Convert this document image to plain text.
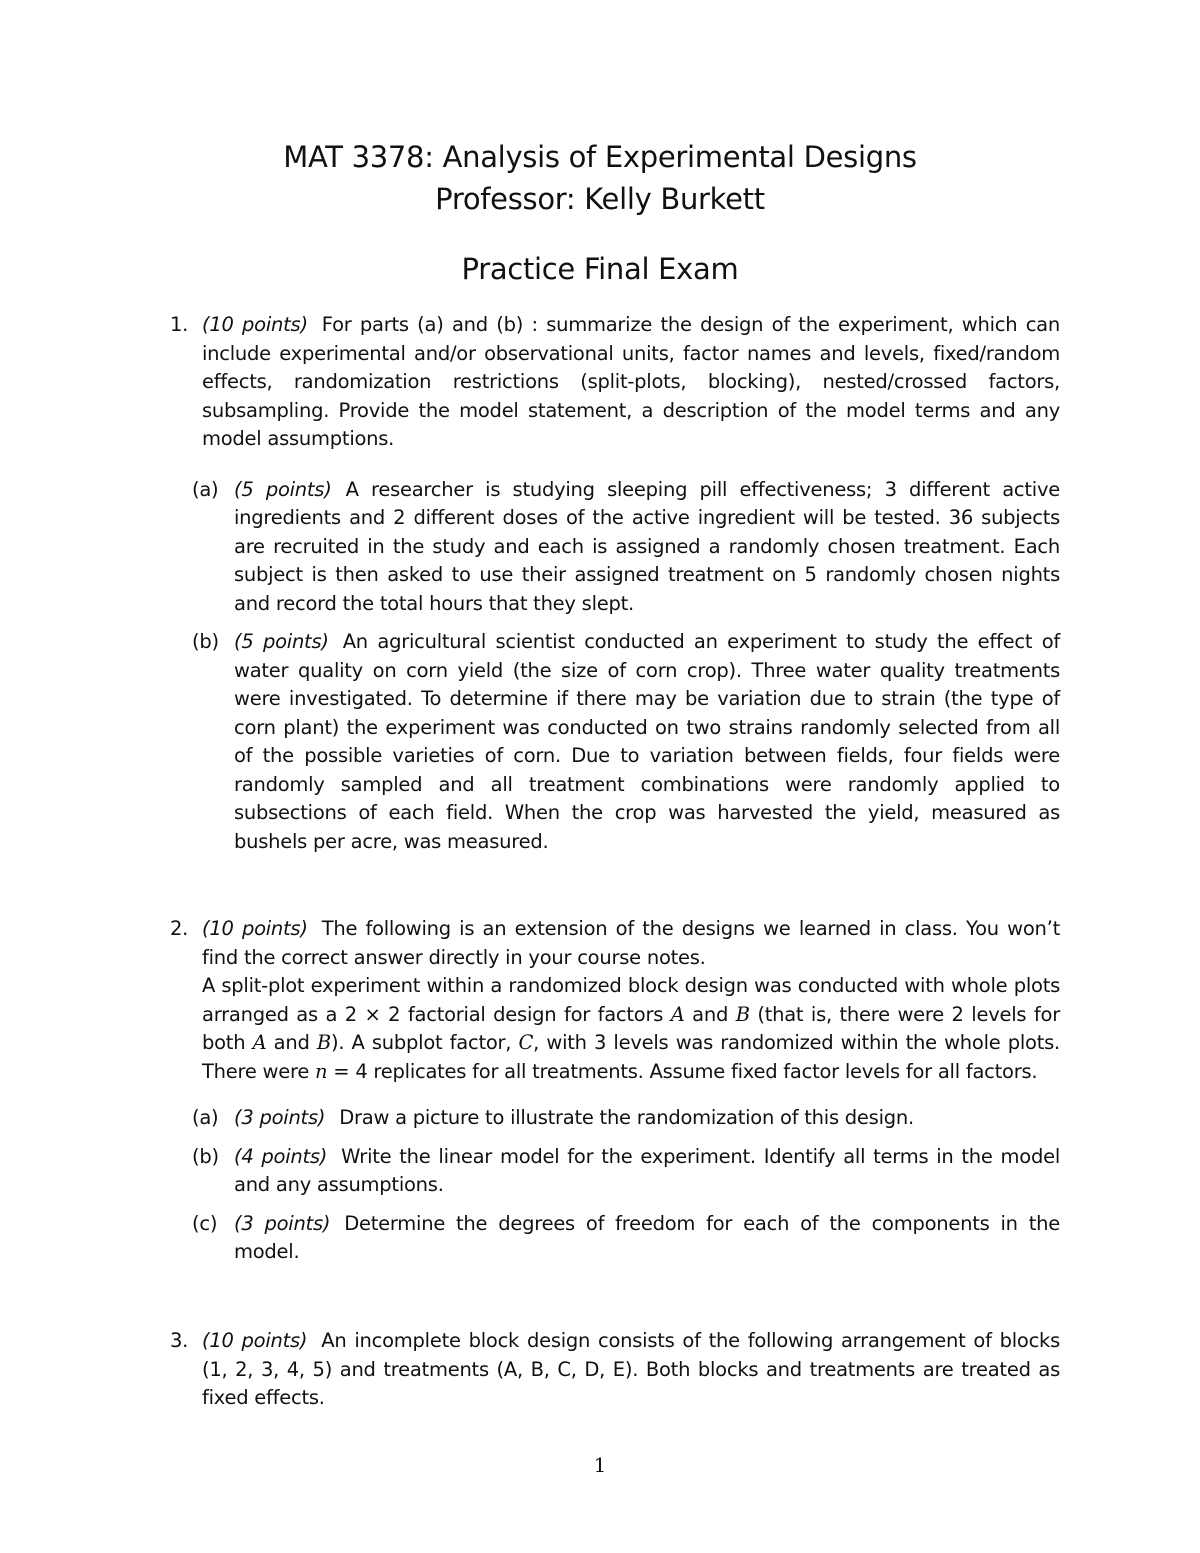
MAT 3378: Analysis of Experimental Designs
Professor: Kelly Burkett
Practice Final Exam
1. (10 points) For parts (a) and (b) : summarize the design of the experiment, which can include experimental and/or observational units, factor names and levels, fixed/random effects, randomization restrictions (split-plots, blocking), nested/crossed factors, subsampling. Provide the model statement, a description of the model terms and any model assumptions.

(a) (5 points) A researcher is studying sleeping pill effectiveness; 3 different active ingredients and 2 different doses of the active ingredient will be tested. 36 subjects are recruited in the study and each is assigned a randomly chosen treatment. Each subject is then asked to use their assigned treatment on 5 randomly chosen nights and record the total hours that they slept.
(b) (5 points) An agricultural scientist conducted an experiment to study the effect of water quality on corn yield (the size of corn crop). Three water quality treatments were investigated. To determine if there may be variation due to strain (the type of corn plant) the experiment was conducted on two strains randomly selected from all of the possible varieties of corn. Due to variation between fields, four fields were randomly sampled and all treatment combinations were randomly applied to subsections of each field. When the crop was harvested the yield, measured as bushels per acre, was measured.
2. (10 points) The following is an extension of the designs we learned in class. You won’t find the correct answer directly in your course notes.

A split-plot experiment within a randomized block design was conducted with whole plots arranged as a 2 × 2 factorial design for factors A and B (that is, there were 2 levels for both A and B). A subplot factor, C, with 3 levels was randomized within the whole plots. There were n = 4 replicates for all treatments. Assume fixed factor levels for all factors.

(a) (3 points) Draw a picture to illustrate the randomization of this design.
(b) (4 points) Write the linear model for the experiment. Identify all terms in the model and any assumptions.
(c) (3 points) Determine the degrees of freedom for each of the components in the model.
3. (10 points) An incomplete block design consists of the following arrangement of blocks (1, 2, 3, 4, 5) and treatments (A, B, C, D, E). Both blocks and treatments are treated as fixed effects.

1
